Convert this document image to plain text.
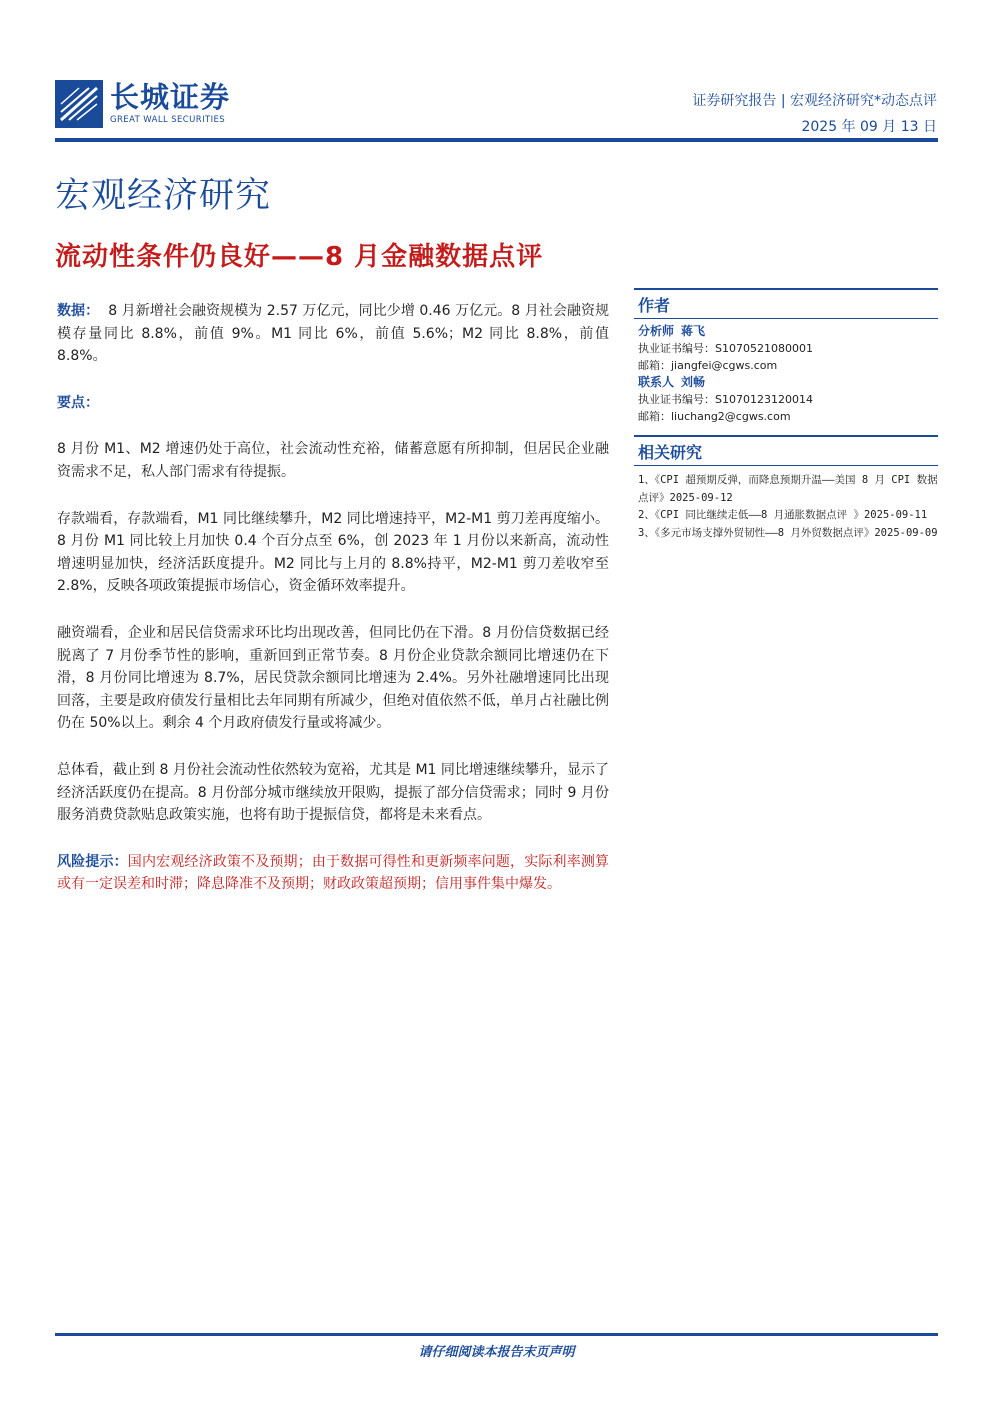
长城证券
GREAT WALL SECURITIES
证券研究报告 | 宏观经济研究*动态点评
2025 年 09 月 13 日
宏观经济研究
流动性条件仍良好——8 月金融数据点评

数据： 8 月新增社会融资规模为 2.57 万亿元，同比少增 0.46 万亿元。8 月社会融资规模存量同比 8.8%，前值 9%。M1 同比 6%，前值 5.6%；M2 同比 8.8%，前值 8.8%。

要点：

8 月份 M1、M2 增速仍处于高位，社会流动性充裕，储蓄意愿有所抑制，但居民企业融资需求不足，私人部门需求有待提振。

存款端看，存款端看，M1 同比继续攀升，M2 同比增速持平，M2-M1 剪刀差再度缩小。8 月份 M1 同比较上月加快 0.4 个百分点至 6%，创 2023 年 1 月份以来新高，流动性增速明显加快，经济活跃度提升。M2 同比与上月的 8.8%持平，M2-M1 剪刀差收窄至 2.8%，反映各项政策提振市场信心，资金循环效率提升。

融资端看，企业和居民信贷需求环比均出现改善，但同比仍在下滑。8 月份信贷数据已经脱离了 7 月份季节性的影响，重新回到正常节奏。8 月份企业贷款余额同比增速仍在下滑，8 月份同比增速为 8.7%，居民贷款余额同比增速为 2.4%。另外社融增速同比出现回落，主要是政府债发行量相比去年同期有所减少，但绝对值依然不低，单月占社融比例仍在 50%以上。剩余 4 个月政府债发行量或将减少。

总体看，截止到 8 月份社会流动性依然较为宽裕，尤其是 M1 同比增速继续攀升，显示了经济活跃度仍在提高。8 月份部分城市继续放开限购，提振了部分信贷需求；同时 9 月份服务消费贷款贴息政策实施，也将有助于提振信贷，都将是未来看点。

风险提示：国内宏观经济政策不及预期；由于数据可得性和更新频率问题，实际利率测算或有一定误差和时滞；降息降准不及预期；财政政策超预期；信用事件集中爆发。

作者
分析师 蒋飞
执业证书编号：S1070521080001
邮箱：jiangfei@cgws.com
联系人 刘畅
执业证书编号：S1070123120014
邮箱：liuchang2@cgws.com
相关研究
1、《CPI 超预期反弹，而降息预期升温——美国 8 月 CPI 数据点评》2025-09-12
2、《CPI 同比继续走低——8 月通胀数据点评 》2025-09-11
3、《多元市场支撑外贸韧性——8 月外贸数据点评》2025-09-09
请仔细阅读本报告末页声明
